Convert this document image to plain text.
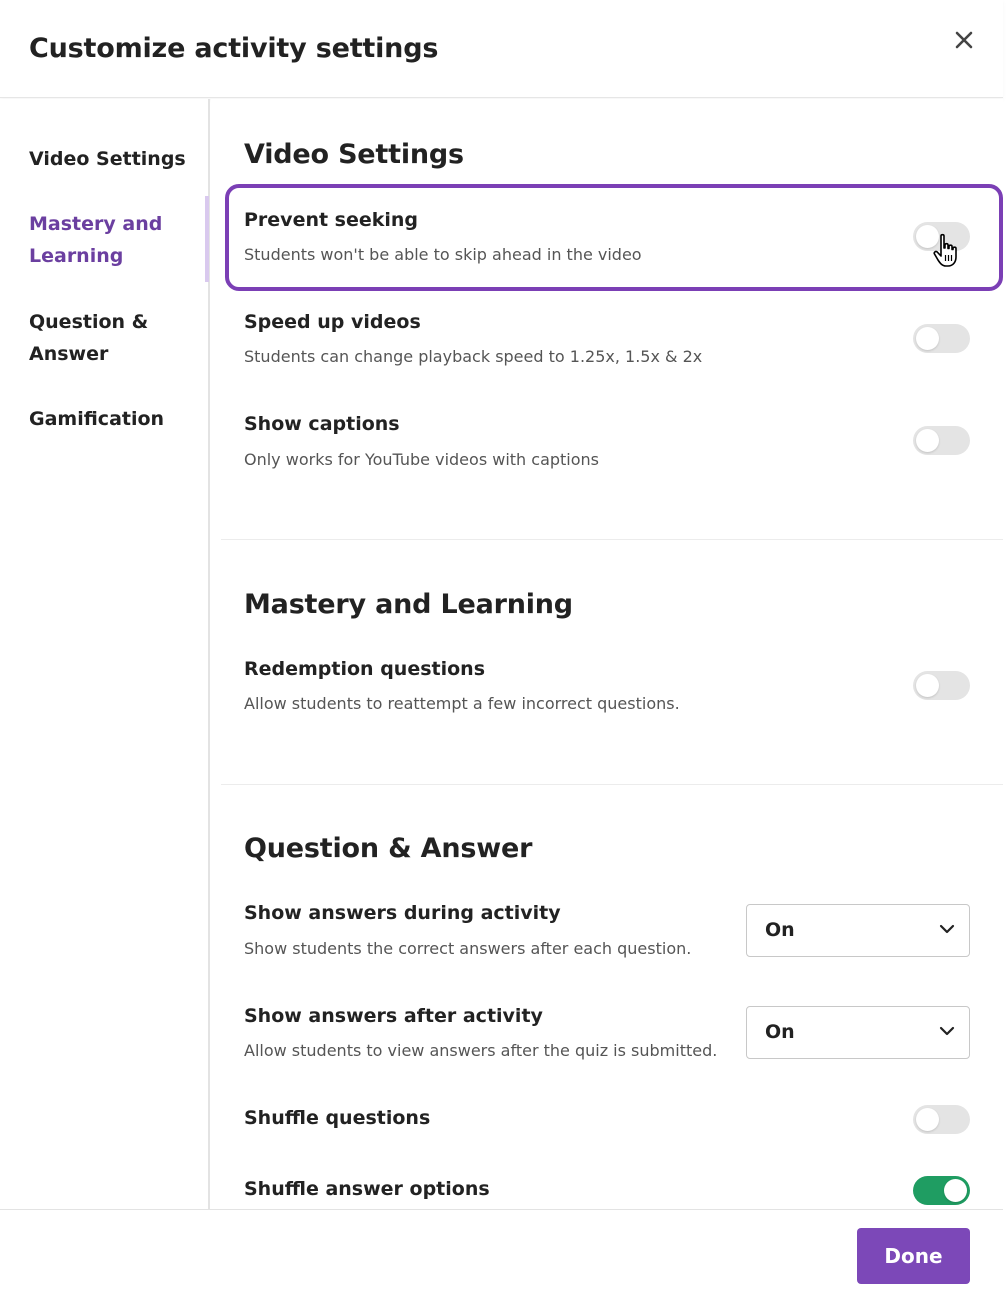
Customize activity settings
Video Settings
Mastery and Learning
Question & Answer
Gamification
Video Settings
Prevent seeking
Students won't be able to skip ahead in the video
Speed up videos
Students can change playback speed to 1.25x, 1.5x & 2x
Show captions
Only works for YouTube videos with captions
Mastery and Learning
Redemption questions
Allow students to reattempt a few incorrect questions.
Question & Answer
Show answers during activity
Show students the correct answers after each question.
On
Show answers after activity
Allow students to view answers after the quiz is submitted.
On
Shuffle questions
Shuffle answer options
Done
